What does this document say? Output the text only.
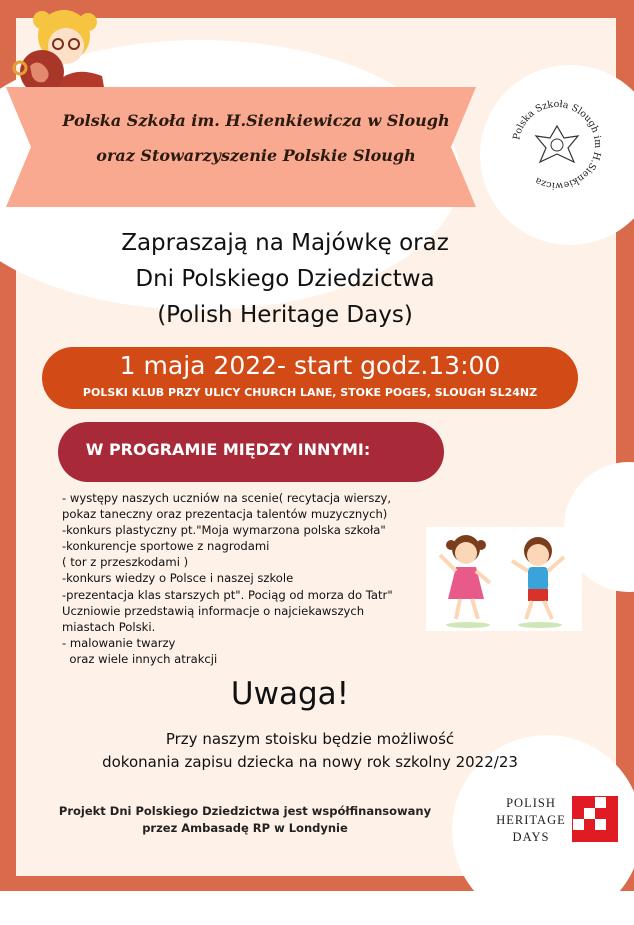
Polska Szkoła im. H.Sienkiewicza w Slough
oraz Stowarzyszenie Polskie Slough
Polska Szkoła Slough im H.Sienkiewicza
Zapraszają na Majówkę oraz
Dni Polskiego Dziedzictwa
(Polish Heritage Days)
1 maja 2022- start godz.13:00
POLSKI KLUB PRZY ULICY CHURCH LANE, STOKE POGES, SLOUGH SL24NZ
W PROGRAMIE MIĘDZY INNYMI:
- występy naszych uczniów na scenie( recytacja wierszy,
pokaz taneczny oraz prezentacja talentów muzycznych)
-konkurs plastyczny pt."Moja wymarzona polska szkoła"
-konkurencje sportowe z nagrodami
( tor z przeszkodami )
-konkurs wiedzy o Polsce i naszej szkole
-prezentacja klas starszych pt". Pociąg od morza do Tatr"
Uczniowie przedstawią informacje o najciekawszych
miastach Polski.
- malowanie twarzy
oraz wiele innych atrakcji
Uwaga!
Przy naszym stoisku będzie możliwość
dokonania zapisu dziecka na nowy rok szkolny 2022/23
Projekt Dni Polskiego Dziedzictwa jest współfinansowany
przez Ambasadę RP w Londynie
POLISH
HERITAGE
DAYS
